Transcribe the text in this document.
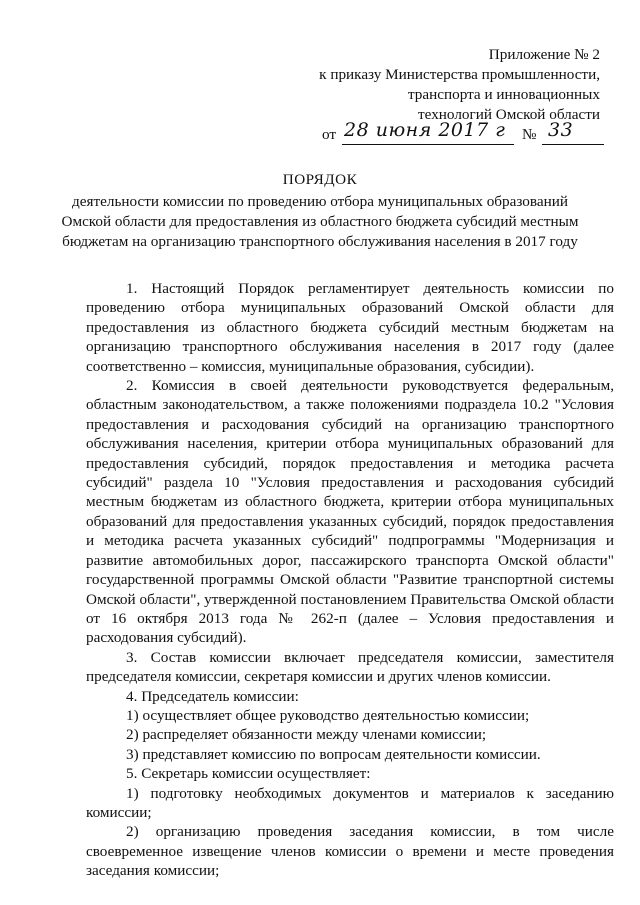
Приложение № 2
к приказу Министерства промышленности,
транспорта и инновационных
технологий Омской области
от 28 июня 2017 г № 33
ПОРЯДОК
деятельности комиссии по проведению отбора муниципальных образований Омской области для предоставления из областного бюджета субсидий местным бюджетам на организацию транспортного обслуживания населения в 2017 году

1. Настоящий Порядок регламентирует деятельность комиссии по проведению отбора муниципальных образований Омской области для предоставления из областного бюджета субсидий местным бюджетам на организацию транспортного обслуживания населения в 2017 году (далее соответственно – комиссия, муниципальные образования, субсидии).

2. Комиссия в своей деятельности руководствуется федеральным, областным законодательством, а также положениями подраздела 10.2 "Условия предоставления и расходования субсидий на организацию транспортного обслуживания населения, критерии отбора муниципальных образований для предоставления субсидий, порядок предоставления и методика расчета субсидий" раздела 10 "Условия предоставления и расходования субсидий местным бюджетам из областного бюджета, критерии отбора муниципальных образований для предоставления указанных субсидий, порядок предоставления и методика расчета указанных субсидий" подпрограммы "Модернизация и развитие автомобильных дорог, пассажирского транспорта Омской области" государственной программы Омской области "Развитие транспортной системы Омской области", утвержденной постановлением Правительства Омской области от 16 октября 2013 года № 262-п (далее – Условия предоставления и расходования субсидий).

3. Состав комиссии включает председателя комиссии, заместителя председателя комиссии, секретаря комиссии и других членов комиссии.

4. Председатель комиссии:

1) осуществляет общее руководство деятельностью комиссии;

2) распределяет обязанности между членами комиссии;

3) представляет комиссию по вопросам деятельности комиссии.

5. Секретарь комиссии осуществляет:

1) подготовку необходимых документов и материалов к заседанию комиссии;

2) организацию проведения заседания комиссии, в том числе своевременное извещение членов комиссии о времени и месте проведения заседания комиссии;
